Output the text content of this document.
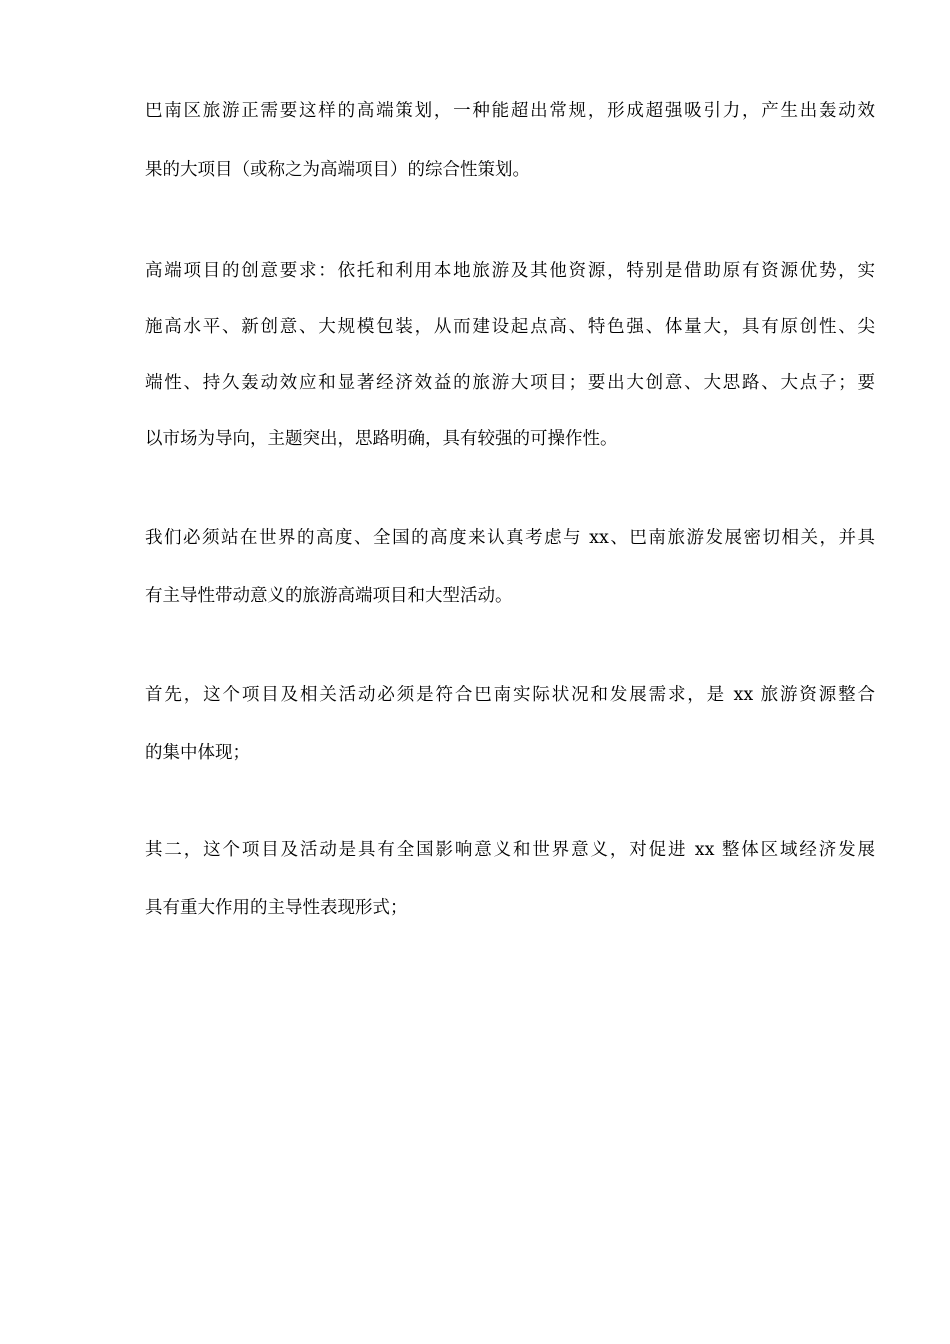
巴南区旅游正需要这样的高端策划，一种能超出常规，形成超强吸引力，产生出轰动效
果的大项目（或称之为高端项目）的综合性策划。
高端项目的创意要求：依托和利用本地旅游及其他资源，特别是借助原有资源优势，实
施高水平、新创意、大规模包装，从而建设起点高、特色强、体量大，具有原创性、尖
端性、持久轰动效应和显著经济效益的旅游大项目；要出大创意、大思路、大点子；要
以市场为导向，主题突出，思路明确，具有较强的可操作性。
我们必须站在世界的高度、全国的高度来认真考虑与 xx、巴南旅游发展密切相关，并具
有主导性带动意义的旅游高端项目和大型活动。
首先，这个项目及相关活动必须是符合巴南实际状况和发展需求，是 xx 旅游资源整合
的集中体现；
其二，这个项目及活动是具有全国影响意义和世界意义，对促进 xx 整体区域经济发展
具有重大作用的主导性表现形式；
